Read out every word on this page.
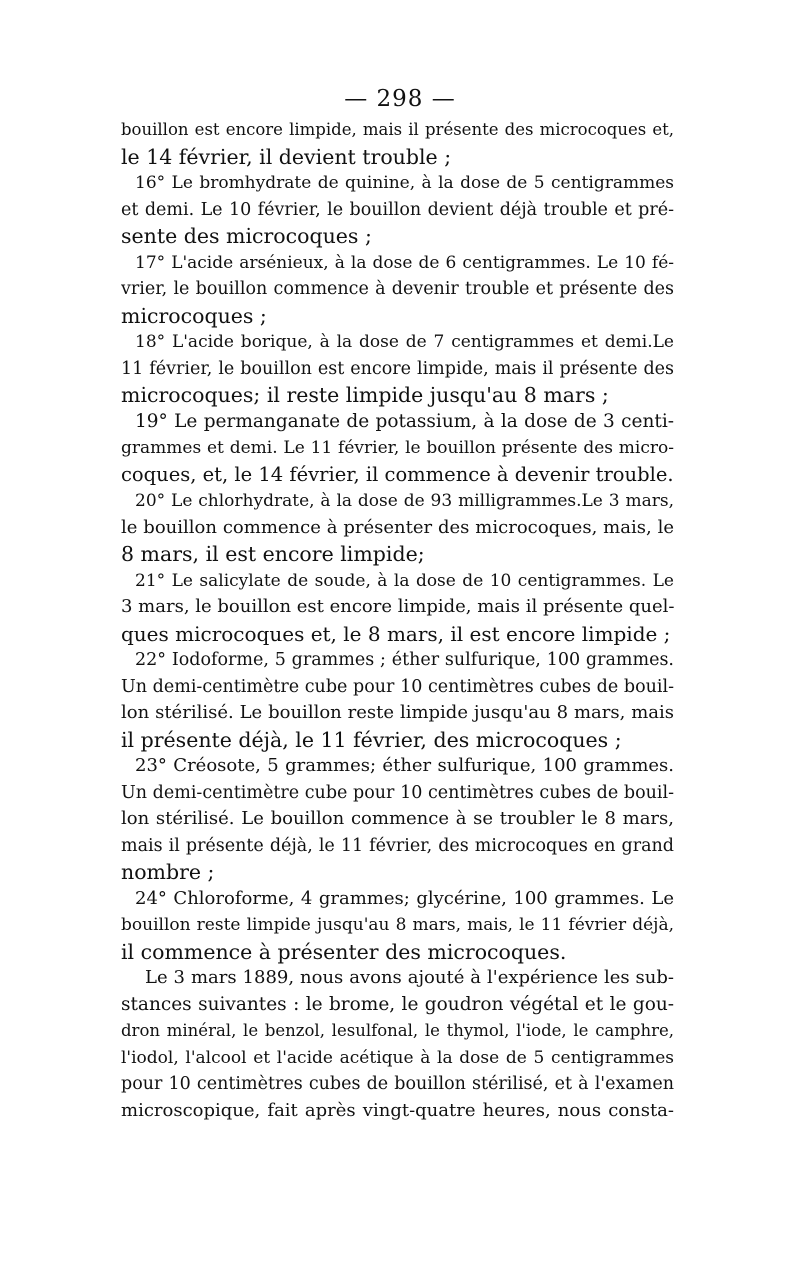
— 298 —
bouillon est encore limpide, mais il présente des microcoques et,
le 14 février, il devient trouble ;
16° Le bromhydrate de quinine, à la dose de 5 centigrammes
et demi. Le 10 février, le bouillon devient déjà trouble et pré-
sente des microcoques ;
17° L'acide arsénieux, à la dose de 6 centigrammes. Le 10 fé-
vrier, le bouillon commence à devenir trouble et présente des
microcoques ;
18° L'acide borique, à la dose de 7 centigrammes et demi.Le
11 février, le bouillon est encore limpide, mais il présente des
microcoques; il reste limpide jusqu'au 8 mars ;
19° Le permanganate de potassium, à la dose de 3 centi-
grammes et demi. Le 11 février, le bouillon présente des micro-
coques, et, le 14 février, il commence à devenir trouble.
20° Le chlorhydrate, à la dose de 93 milligrammes.Le 3 mars,
le bouillon commence à présenter des microcoques, mais, le
8 mars, il est encore limpide;
21° Le salicylate de soude, à la dose de 10 centigrammes. Le
3 mars, le bouillon est encore limpide, mais il présente quel-
ques microcoques et, le 8 mars, il est encore limpide ;
22° Iodoforme, 5 grammes ; éther sulfurique, 100 grammes.
Un demi-centimètre cube pour 10 centimètres cubes de bouil-
lon stérilisé. Le bouillon reste limpide jusqu'au 8 mars, mais
il présente déjà, le 11 février, des microcoques ;
23° Créosote, 5 grammes; éther sulfurique, 100 grammes.
Un demi-centimètre cube pour 10 centimètres cubes de bouil-
lon stérilisé. Le bouillon commence à se troubler le 8 mars,
mais il présente déjà, le 11 février, des microcoques en grand
nombre ;
24° Chloroforme, 4 grammes; glycérine, 100 grammes. Le
bouillon reste limpide jusqu'au 8 mars, mais, le 11 février déjà,
il commence à présenter des microcoques.
Le 3 mars 1889, nous avons ajouté à l'expérience les sub-
stances suivantes : le brome, le goudron végétal et le gou-
dron minéral, le benzol, lesulfonal, le thymol, l'iode, le camphre,
l'iodol, l'alcool et l'acide acétique à la dose de 5 centigrammes
pour 10 centimètres cubes de bouillon stérilisé, et à l'examen
microscopique, fait après vingt-quatre heures, nous consta-
